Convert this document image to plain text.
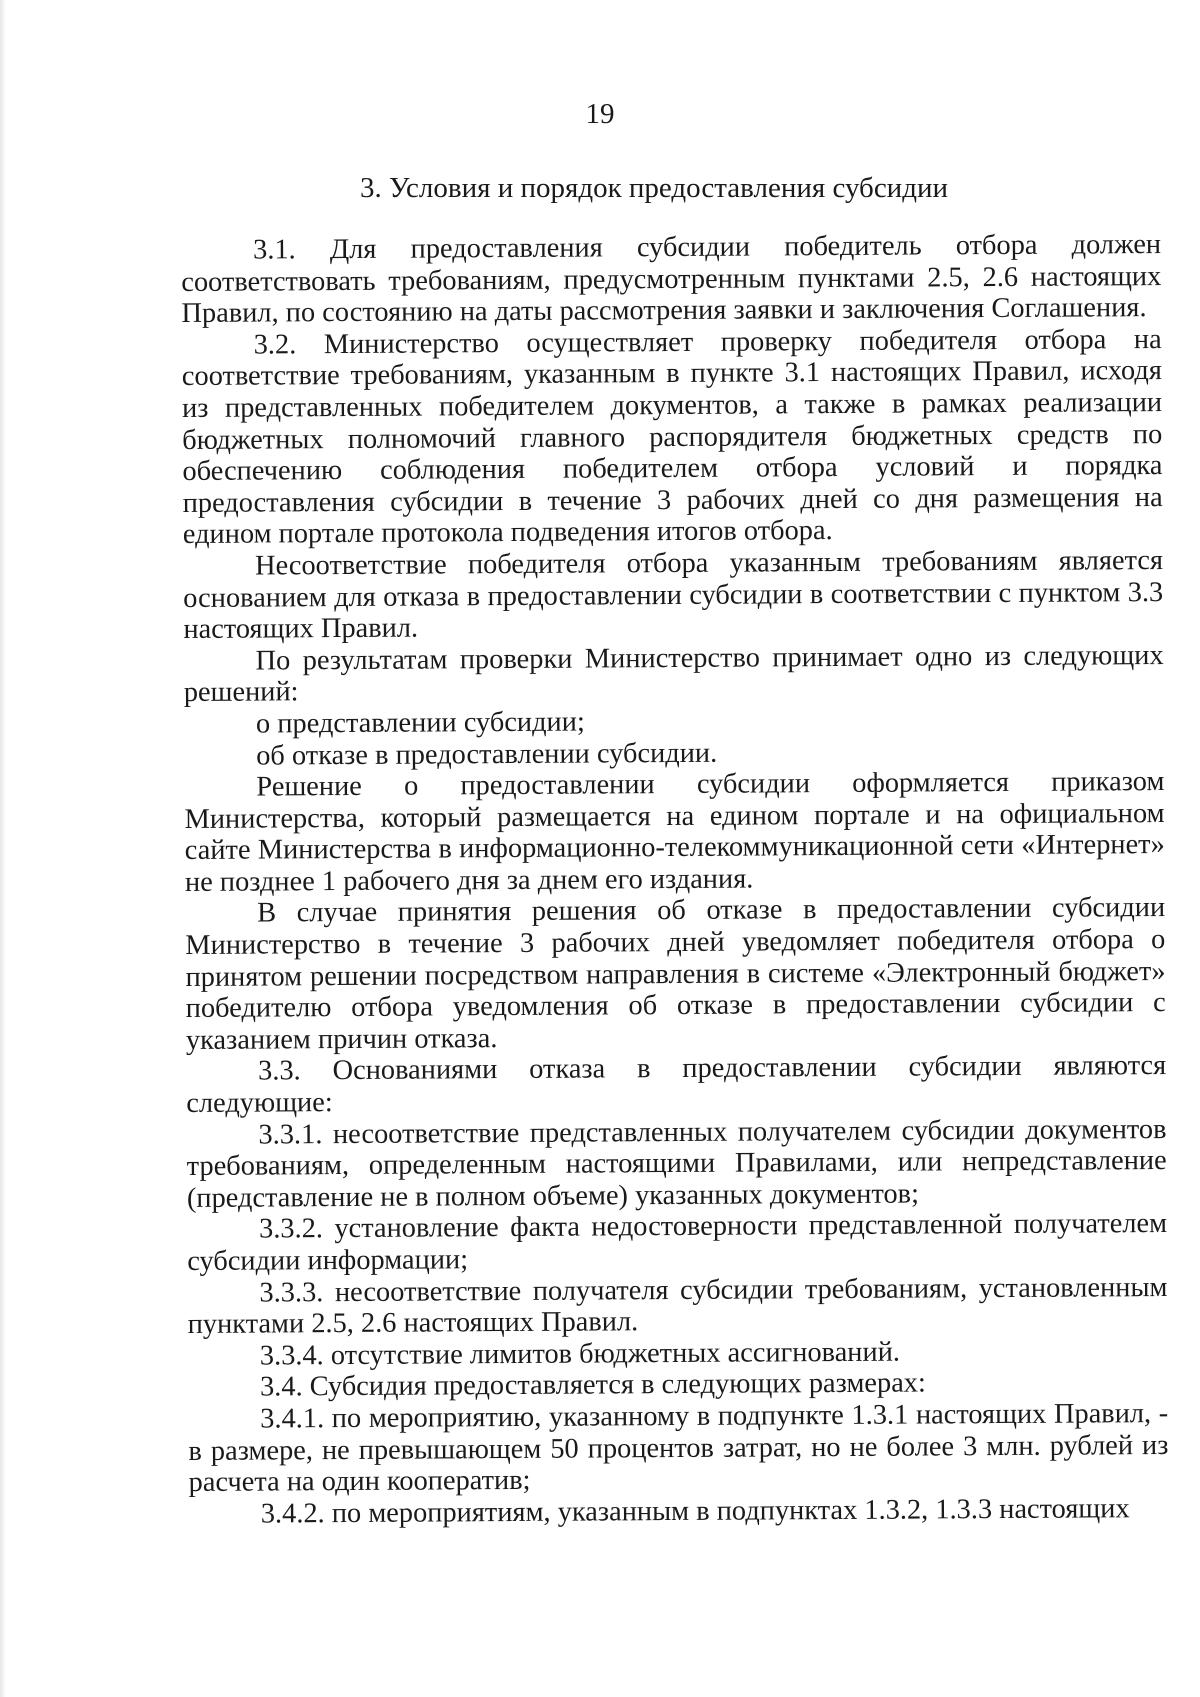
19
3. Условия и порядок предоставления субсидии

3.1. Для предоставления субсидии победитель отбора должен соответствовать требованиям, предусмотренным пунктами 2.5, 2.6 настоящих Правил, по состоянию на даты рассмотрения заявки и заключения Соглашения.

3.2. Министерство осуществляет проверку победителя отбора на соответствие требованиям, указанным в пункте 3.1 настоящих Правил, исходя из представленных победителем документов, а также в рамках реализации бюджетных полномочий главного распорядителя бюджетных средств по обеспечению соблюдения победителем отбора условий и порядка предоставления субсидии в течение 3 рабочих дней со дня размещения на едином портале протокола подведения итогов отбора.

Несоответствие победителя отбора указанным требованиям является основанием для отказа в предоставлении субсидии в соответствии с пунктом 3.3 настоящих Правил.

По результатам проверки Министерство принимает одно из следующих решений:

о представлении субсидии;

об отказе в предоставлении субсидии.

Решение о предоставлении субсидии оформляется приказом Министерства, который размещается на едином портале и на официальном сайте Министерства в информационно-телекоммуникационной сети «Интернет» не позднее 1 рабочего дня за днем его издания.

В случае принятия решения об отказе в предоставлении субсидии Министерство в течение 3 рабочих дней уведомляет победителя отбора о принятом решении посредством направления в системе «Электронный бюджет» победителю отбора уведомления об отказе в предоставлении субсидии с указанием причин отказа.

3.3. Основаниями отказа в предоставлении субсидии являются следующие:

3.3.1. несоответствие представленных получателем субсидии документов требованиям, определенным настоящими Правилами, или непредставление (представление не в полном объеме) указанных документов;

3.3.2. установление факта недостоверности представленной получателем субсидии информации;

3.3.3. несоответствие получателя субсидии требованиям, установленным пунктами 2.5, 2.6 настоящих Правил.

3.3.4. отсутствие лимитов бюджетных ассигнований.

3.4. Субсидия предоставляется в следующих размерах:

3.4.1. по мероприятию, указанному в подпункте 1.3.1 настоящих Правил, - в размере, не превышающем 50 процентов затрат, но не более 3 млн. рублей из расчета на один кооператив;

3.4.2. по мероприятиям, указанным в подпунктах 1.3.2, 1.3.3 настоящих
